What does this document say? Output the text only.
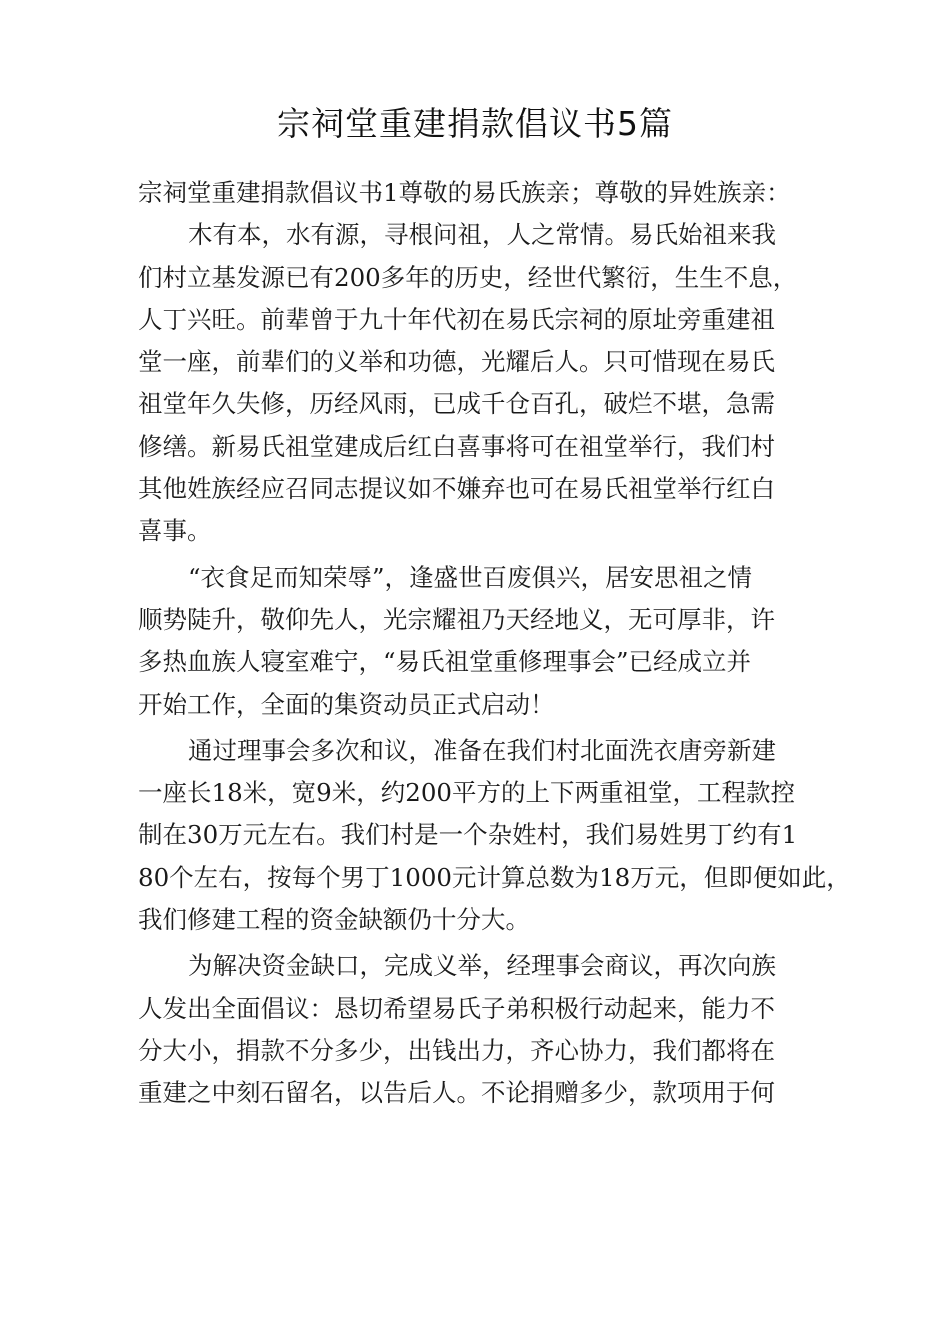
宗祠堂重建捐款倡议书5篇
宗祠堂重建捐款倡议书1尊敬的易氏族亲；尊敬的异姓族亲：
木有本，水有源，寻根问祖，人之常情。易氏始祖来我
们村立基发源已有200多年的历史，经世代繁衍，生生不息，
人丁兴旺。前辈曾于九十年代初在易氏宗祠的原址旁重建祖
堂一座，前辈们的义举和功德，光耀后人。只可惜现在易氏
祖堂年久失修，历经风雨，已成千仓百孔，破烂不堪，急需
修缮。新易氏祖堂建成后红白喜事将可在祖堂举行，我们村
其他姓族经应召同志提议如不嫌弃也可在易氏祖堂举行红白
喜事。
“衣食足而知荣辱”，逢盛世百废俱兴，居安思祖之情
顺势陡升，敬仰先人，光宗耀祖乃天经地义，无可厚非，许
多热血族人寝室难宁，“易氏祖堂重修理事会”已经成立并
开始工作，全面的集资动员正式启动！
通过理事会多次和议，准备在我们村北面洗衣唐旁新建
一座长18米，宽9米，约200平方的上下两重祖堂，工程款控
制在30万元左右。我们村是一个杂姓村，我们易姓男丁约有1
80个左右，按每个男丁1000元计算总数为18万元，但即便如此，
我们修建工程的资金缺额仍十分大。
为解决资金缺口，完成义举，经理事会商议，再次向族
人发出全面倡议：恳切希望易氏子弟积极行动起来，能力不
分大小，捐款不分多少，出钱出力，齐心协力，我们都将在
重建之中刻石留名，以告后人。不论捐赠多少，款项用于何
